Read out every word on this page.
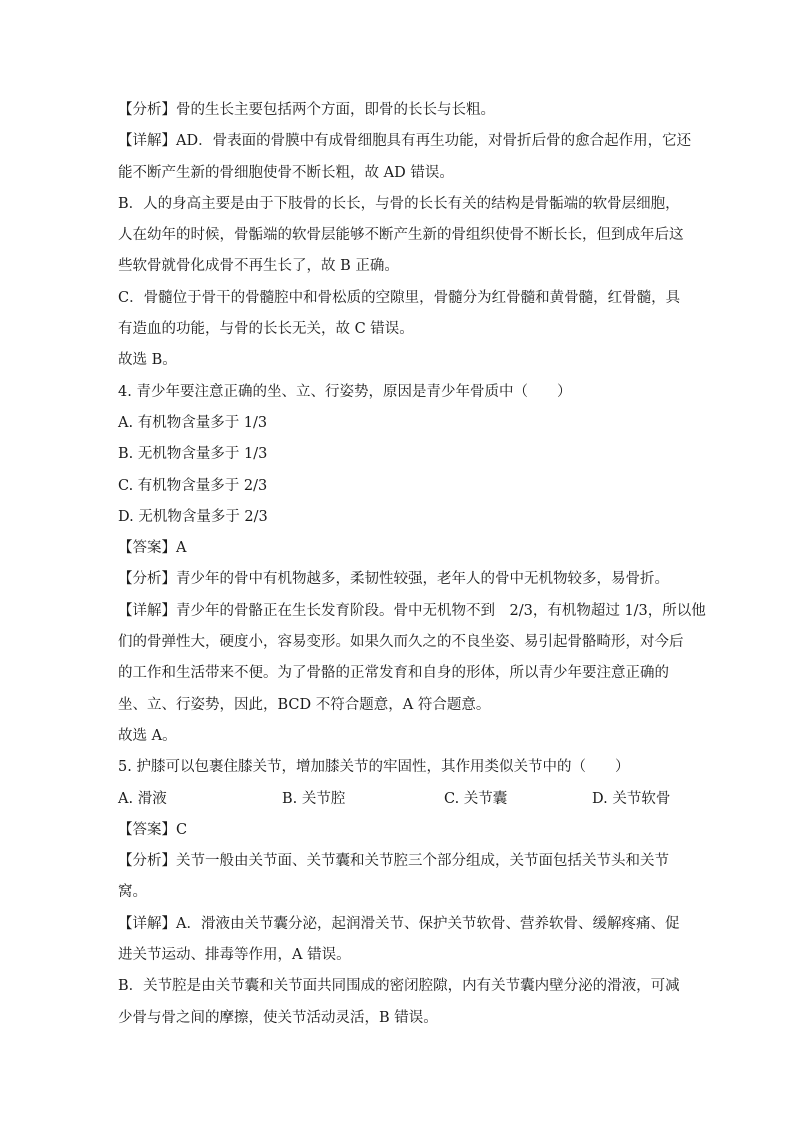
【分析】骨的生长主要包括两个方面，即骨的长长与长粗。
【详解】AD．骨表面的骨膜中有成骨细胞具有再生功能，对骨折后骨的愈合起作用，它还
能不断产生新的骨细胞使骨不断长粗，故 AD 错误。
B．人的身高主要是由于下肢骨的长长，与骨的长长有关的结构是骨骺端的软骨层细胞，
人在幼年的时候，骨骺端的软骨层能够不断产生新的骨组织使骨不断长长，但到成年后这
些软骨就骨化成骨不再生长了，故 B 正确。
C．骨髓位于骨干的骨髓腔中和骨松质的空隙里，骨髓分为红骨髓和黄骨髓，红骨髓，具
有造血的功能，与骨的长长无关，故 C 错误。
故选 B。
4. 青少年要注意正确的坐、立、行姿势，原因是青少年骨质中（　　）
A. 有机物含量多于 1/3
B. 无机物含量多于 1/3
C. 有机物含量多于 2/3
D. 无机物含量多于 2/3
【答案】A
【分析】青少年的骨中有机物越多，柔韧性较强，老年人的骨中无机物较多，易骨折。
【详解】青少年的骨骼正在生长发育阶段。骨中无机物不到　2/3，有机物超过 1/3，所以他
们的骨弹性大，硬度小，容易变形。如果久而久之的不良坐姿、易引起骨骼畸形，对今后
的工作和生活带来不便。为了骨骼的正常发育和自身的形体，所以青少年要注意正确的
坐、立、行姿势，因此，BCD 不符合题意，A 符合题意。
故选 A。
5. 护膝可以包裹住膝关节，增加膝关节的牢固性，其作用类似关节中的（　　）
A. 滑液	B. 关节腔	C. 关节囊	D. 关节软骨
【答案】C
【分析】关节一般由关节面、关节囊和关节腔三个部分组成，关节面包括关节头和关节
窝。
【详解】A．滑液由关节囊分泌，起润滑关节、保护关节软骨、营养软骨、缓解疼痛、促
进关节运动、排毒等作用，A 错误。
B．关节腔是由关节囊和关节面共同围成的密闭腔隙，内有关节囊内壁分泌的滑液，可减
少骨与骨之间的摩擦，使关节活动灵活，B 错误。
